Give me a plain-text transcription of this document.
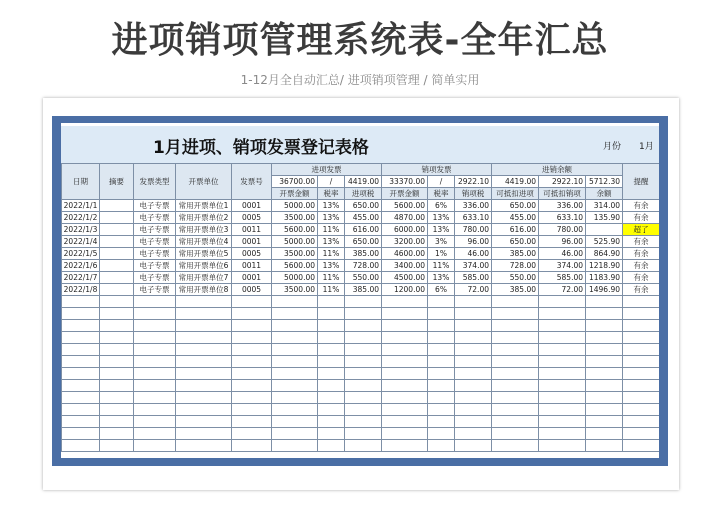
进项销项管理系统表-全年汇总
1-12月全自动汇总/ 进项销项管理 / 简单实用
1月进项、销项发票登记表格	月份 1月
日期	摘要	发票类型	开票单位	发票号	进项发票			销项发票			进销余额			提醒
					36700.00	/	4419.00	33370.00	/	2922.10	4419.00	2922.10	5712.30	
					开票金额	税率	进项税	开票金额	税率	销项税	可抵扣进项	可抵扣销项	余额	
2022/1/1		电子专票	常用开票单位1	0001	5000.00	13%	650.00	5600.00	6%	336.00	650.00	336.00	314.00	有余
2022/1/2		电子专票	常用开票单位2	0005	3500.00	13%	455.00	4870.00	13%	633.10	455.00	633.10	135.90	有余
2022/1/3		电子专票	常用开票单位3	0011	5600.00	11%	616.00	6000.00	13%	780.00	616.00	780.00		超了
2022/1/4		电子专票	常用开票单位4	0001	5000.00	13%	650.00	3200.00	3%	96.00	650.00	96.00	525.90	有余
2022/1/5		电子专票	常用开票单位5	0005	3500.00	11%	385.00	4600.00	1%	46.00	385.00	46.00	864.90	有余
2022/1/6		电子专票	常用开票单位6	0011	5600.00	13%	728.00	3400.00	11%	374.00	728.00	374.00	1218.90	有余
2022/1/7		电子专票	常用开票单位7	0001	5000.00	11%	550.00	4500.00	13%	585.00	550.00	585.00	1183.90	有余
2022/1/8		电子专票	常用开票单位8	0005	3500.00	11%	385.00	1200.00	6%	72.00	385.00	72.00	1496.90	有余
